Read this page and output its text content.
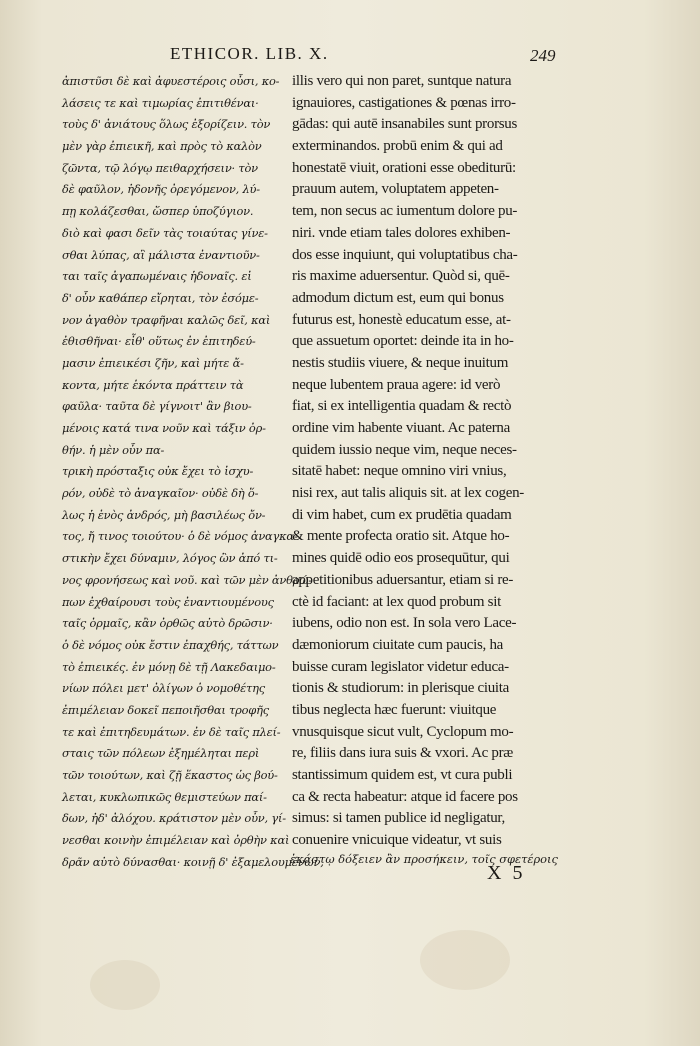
ETHICOR. LIB. X.	249
ἀπιστῦσι δὲ καὶ ἀφυεστέροις οὖσι, κο-
λάσεις τε καὶ τιμωρίας ἐπιτιθέναι·
τοὺς δ' ἀνιάτους ὅλως ἐξορίζειν. τὸν
μὲν γὰρ ἐπιεικῆ, καὶ πρὸς τὸ καλὸν
ζῶντα, τῷ λόγῳ πειθαρχήσειν· τὸν
δὲ φαῦλον, ἡδονῆς ὀρεγόμενον, λύ-
πῃ κολάζεσθαι, ὥσπερ ὑποζύγιον.
διὸ καὶ φασι δεῖν τὰς τοιαύτας γίνε-
σθαι λύπας, αἳ μάλιστα ἐναντιοῦν-
ται ταῖς ἀγαπωμέναις ἡδοναῖς. εἰ
δ' οὖν καθάπερ εἴρηται, τὸν ἐσόμε-
νον ἀγαθὸν τραφῆναι καλῶς δεῖ, καὶ
ἐθισθῆναι· εἶθ' οὕτως ἐν ἐπιτηδεύ-
μασιν ἐπιεικέσι ζῆν, καὶ μήτε ἄ-
κοντα, μήτε ἑκόντα πράττειν τὰ
φαῦλα· ταῦτα δὲ γίγνοιτ' ἂν βιου-
μένοις κατά τινα νοῦν καὶ τάξιν ὀρ-
θήν. ἡ μὲν οὖν πα-
τρικὴ πρόσταξις οὐκ ἔχει τὸ ἰσχυ-
ρόν, οὐδὲ τὸ ἀναγκαῖον· οὐδὲ δὴ ὅ-
λως ἡ ἑνὸς ἀνδρός, μὴ βασιλέως ὄν-
τος, ἤ τινος τοιούτου· ὁ δὲ νόμος ἀναγκα-
στικὴν ἔχει δύναμιν, λόγος ὢν ἀπό τι-
νος φρονήσεως καὶ νοῦ. καὶ τῶν μὲν ἀνθρώ-
πων ἐχθαίρουσι τοὺς ἐναντιουμένους
ταῖς ὁρμαῖς, κἂν ὀρθῶς αὐτὸ δρῶσιν·
ὁ δὲ νόμος οὐκ ἔστιν ἐπαχθής, τάττων
τὸ ἐπιεικές. ἐν μόνῃ δὲ τῇ Λακεδαιμο-
νίων πόλει μετ' ὀλίγων ὁ νομοθέτης
ἐπιμέλειαν δοκεῖ πεποιῆσθαι τροφῆς
τε καὶ ἐπιτηδευμάτων. ἐν δὲ ταῖς πλεί-
σταις τῶν πόλεων ἐξημέληται περὶ
τῶν τοιούτων, καὶ ζῇ ἕκαστος ὡς βού-
λεται, κυκλωπικῶς θεμιστεύων παί-
δων, ἠδ' ἀλόχου. κράτιστον μὲν οὖν, γί-
νεσθαι κοινὴν ἐπιμέλειαν καὶ ὀρθὴν καὶ
δρᾶν αὐτὸ δύνασθαι· κοινῇ δ' ἐξαμελουμένων,
illis vero qui non paret, suntque natura
ignauiores, castigationes & pœnas irro-
gādas: qui autē insanabiles sunt prorsus
exterminandos. probū enim & qui ad
honestatē viuit, orationi esse obediturū:
prauum autem, voluptatem appeten-
tem, non secus ac iumentum dolore pu-
niri. vnde etiam tales dolores exhiben-
dos esse inquiunt, qui voluptatibus cha-
ris maxime aduersentur. Quòd si, quē-
admodum dictum est, eum qui bonus
futurus est, honestè educatum esse, at-
que assuetum oportet: deinde ita in ho-
nestis studiis viuere, & neque inuitum
neque lubentem praua agere: id verò
fiat, si ex intelligentia quadam & rectò
ordine vim habente viuant. Ac paterna
quidem iussio neque vim, neque neces-
sitatē habet: neque omnino viri vnius,
nisi rex, aut talis aliquis sit. at lex cogen-
di vim habet, cum ex prudētia quadam
& mente profecta oratio sit. Atque ho-
mines quidē odio eos prosequūtur, qui
appetitionibus aduersantur, etiam si re-
ctè id faciant: at lex quod probum sit
iubens, odio non est. In sola vero Lace-
dæmoniorum ciuitate cum paucis, ha
buisse curam legislator videtur educa-
tionis & studiorum: in plerisque ciuita
tibus neglecta hæc fuerunt: viuitque
vnusquisque sicut vult, Cyclopum mo-
re, filiis dans iura suis & vxori. Ac præ
stantissimum quidem est, vt cura publi
ca & recta habeatur: atque id facere pos
simus: si tamen publice id negligatur,
conuenire vnicuique videatur, vt suis
ἑκάστῳ δόξειεν ἂν προσήκειν, τοῖς σφετέροις
X 5
